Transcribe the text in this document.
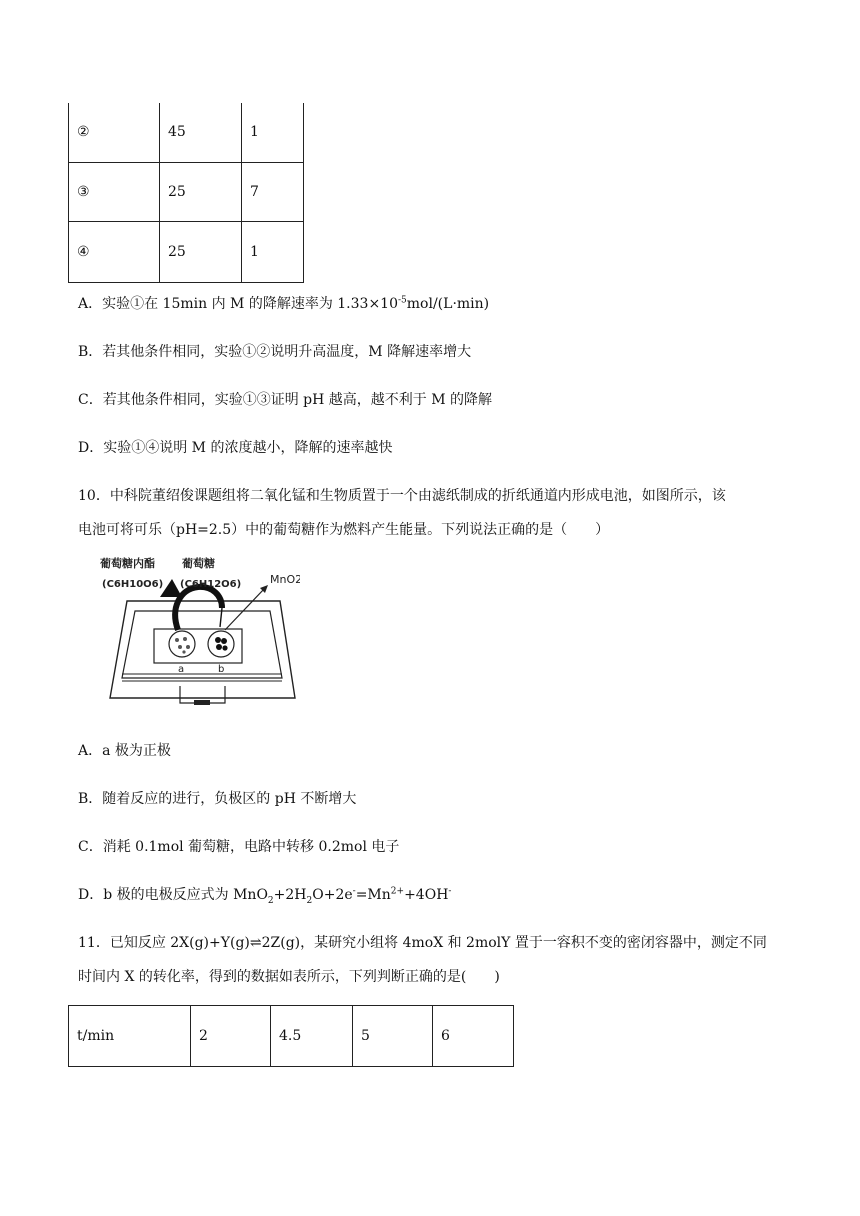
②	45	1
③	25	7
④	25	1
A．实验①在 15min 内 M 的降解速率为 $1.33\times 10^{-5}mol/(L\cdot\min)$
B．若其他条件相同，实验①②说明升高温度，M 降解速率增大
C．若其他条件相同，实验①③证明 pH 越高，越不利于 M 的降解
D．实验①④说明 M 的浓度越小，降解的速率越快
10．中科院董绍俊课题组将二氧化锰和生物质置于一个由滤纸制成的折纸通道内形成电池，如图所示，该
电池可将可乐（pH=2.5）中的葡萄糖作为燃料产生能量。下列说法正确的是（　　）
a	b
葡萄糖内酯
(C6H10O6)
葡萄糖
(C6H12O6)	MnO2
A．a 极为正极
B．随着反应的进行，负极区的 pH 不断增大
C．消耗 0.1mol 葡萄糖，电路中转移 0.2mol 电子
D．b 极的电极反应式为 $MnO_2+2H_2O+2e^-=Mn^{2+}+4OH^-$
11．已知反应 2X(g)+Y(g)⇌2Z(g)，某研究小组将 4moX 和 2molY 置于一容积不变的密闭容器中，测定不同
时间内 X 的转化率，得到的数据如表所示，下列判断正确的是(　　)
t/min	2	4.5	5	6
